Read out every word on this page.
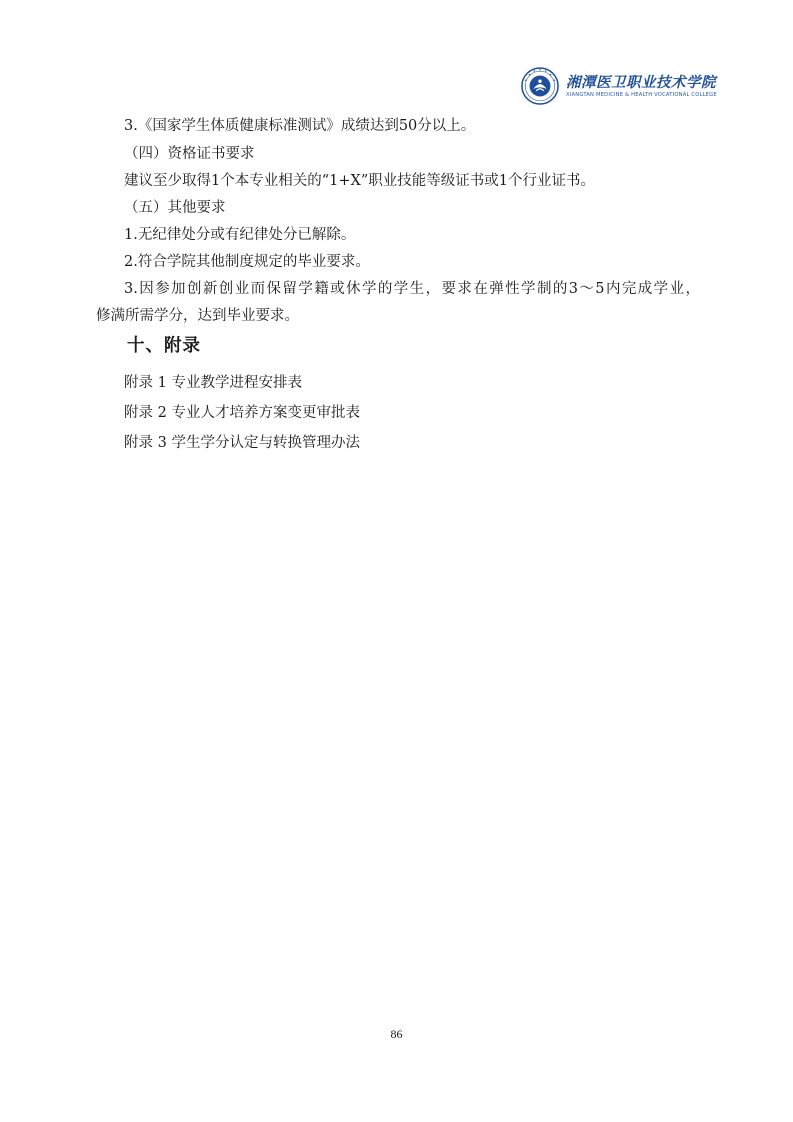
湘潭医卫职业技术学院
XIANGTAN MEDICINE & HEALTH VOCATIONAL COLLEGE
3.《国家学生体质健康标准测试》成绩达到50分以上。
（四）资格证书要求
建议至少取得1个本专业相关的“1+X”职业技能等级证书或1个行业证书。
（五）其他要求
1.无纪律处分或有纪律处分已解除。
2.符合学院其他制度规定的毕业要求。
3.因参加创新创业而保留学籍或休学的学生，要求在弹性学制的3～5内完成学业，
修满所需学分，达到毕业要求。
十、附录
附录 1 专业教学进程安排表
附录 2 专业人才培养方案变更审批表
附录 3 学生学分认定与转换管理办法
86
